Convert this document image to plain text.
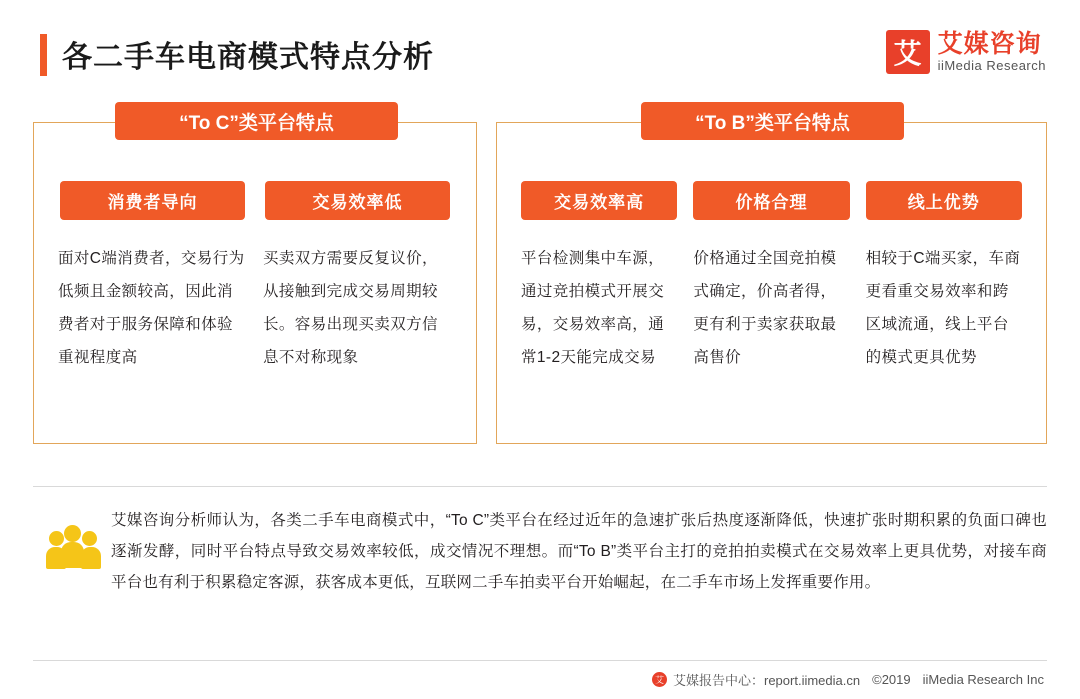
各二手车电商模式特点分析	艾 艾媒咨询
iiMedia Research
“To C”类平台特点
消费者导向
面对C端消费者，交易行为低频且金额较高，因此消费者对于服务保障和体验重视程度高
交易效率低
买卖双方需要反复议价，从接触到完成交易周期较长。容易出现买卖双方信息不对称现象
“To B”类平台特点
交易效率高
平台检测集中车源，通过竞拍模式开展交易，交易效率高，通常1-2天能完成交易
价格合理
价格通过全国竞拍模式确定，价高者得，更有利于卖家获取最高售价
线上优势
相较于C端买家，车商更看重交易效率和跨区域流通，线上平台的模式更具优势
艾媒咨询分析师认为，各类二手车电商模式中，“To C”类平台在经过近年的急速扩张后热度逐渐降低，快速扩张时期积累的负面口碑也逐渐发酵，同时平台特点导致交易效率较低，成交情况不理想。而“To B”类平台主打的竞拍拍卖模式在交易效率上更具优势，对接车商平台也有利于积累稳定客源，获客成本更低，互联网二手车拍卖平台开始崛起，在二手车市场上发挥重要作用。
艾 艾媒报告中心：report.iimedia.cn ©2019 iiMedia Research Inc
